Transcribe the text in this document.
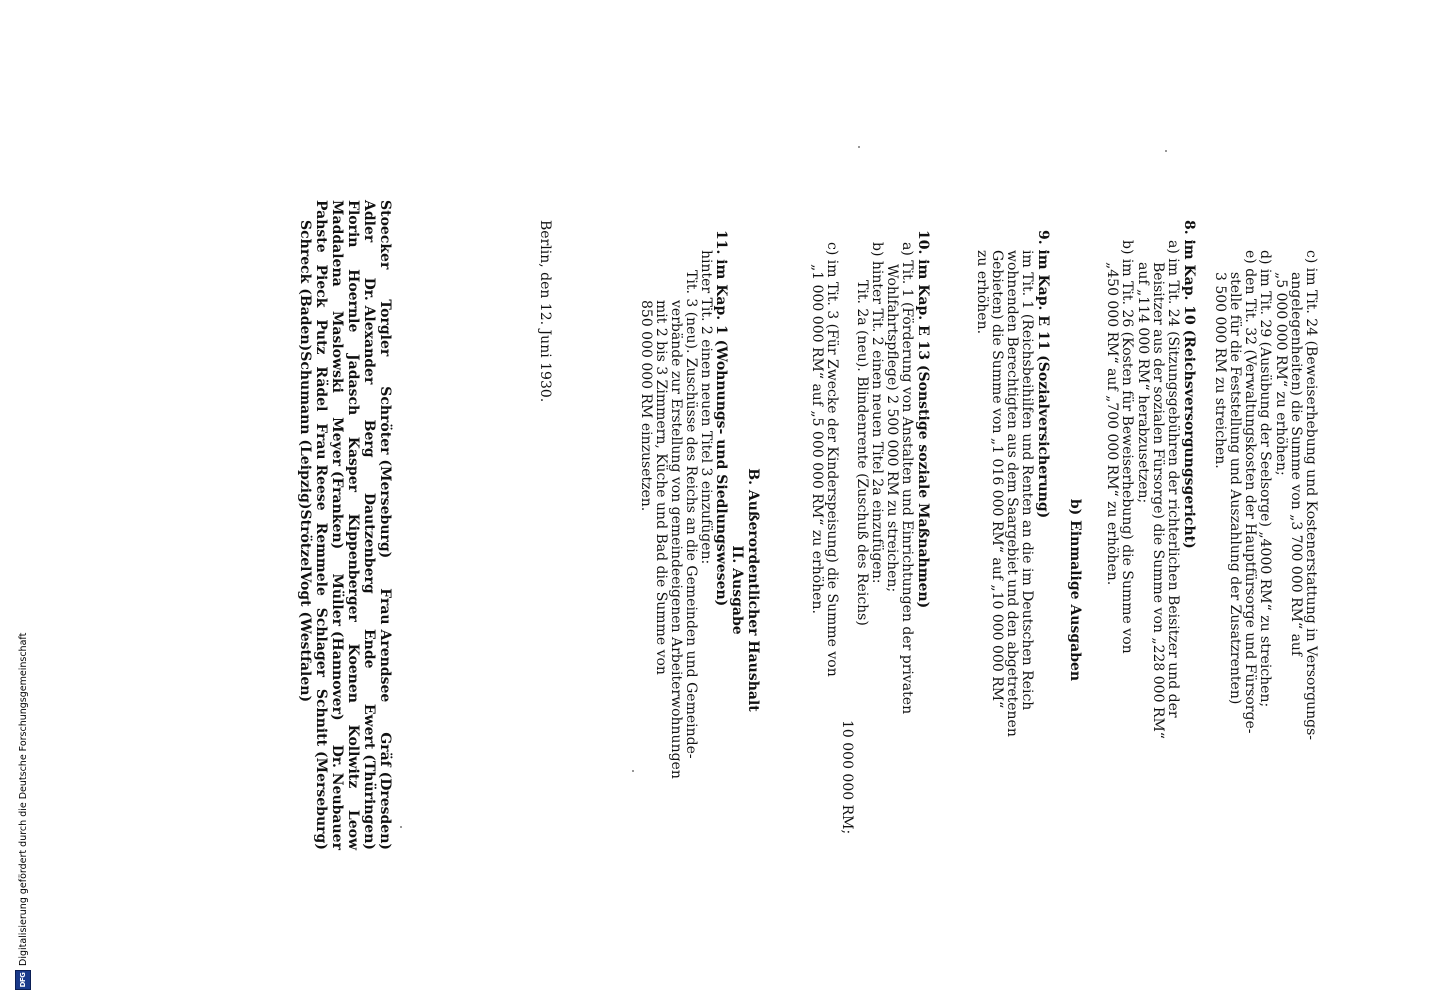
c) im Tit. 24 (Beweiserhebung und Kostenerstattung in Versorgungs-
angelegenheiten) die Summe von „3 700 000 RM“ auf
„5 000 000 RM“ zu erhöhen;
d) im Tit. 29 (Ausübung der Seelsorge) „4000 RM“ zu streichen;
e) den Tit. 32 (Verwaltungskosten der Hauptfürsorge und Fürsorge-
stelle für die Feststellung und Auszahlung der Zusatzrenten)
3 500 000 RM zu streichen.
8. im Kap. 10 (Reichsversorgungsgericht)
a) im Tit. 24 (Sitzungsgebühren der richterlichen Beisitzer und der
Beisitzer aus der sozialen Fürsorge) die Summe von „228 000 RM“
auf „114 000 RM“ herabzusetzen;
b) im Tit. 26 (Kosten für Beweiserhebung) die Summe von
„450 000 RM“ auf „700 000 RM“ zu erhöhen.
b) Einmalige Ausgaben
9. im Kap. E 11 (Sozialversicherung)
im Tit. 1 (Reichsbeihilfen und Renten an die im Deutschen Reich
wohnenden Berechtigten aus dem Saargebiet und den abgetretenen
Gebieten) die Summe von „1 016 000 RM“ auf „10 000 000 RM“
zu erhöhen.
10. im Kap. E 13 (Sonstige soziale Maßnahmen)
a) Tit. 1 (Förderung von Anstalten und Einrichtungen der privaten
Wohlfahrtspflege) 2 500 000 RM zu streichen;
b) hinter Tit. 2 einen neuen Titel 2a einzufügen:
Tit. 2a (neu). Blindenrente (Zuschuß des Reichs)
10 000 000 RM;
c) im Tit. 3 (Für Zwecke der Kinderspeisung) die Summe von
„1 000 000 RM“ auf „5 000 000 RM“ zu erhöhen.
B. Außerordentlicher Haushalt
II. Ausgabe
11. im Kap. 1 (Wohnungs- und Siedlungswesen)
hinter Tit. 2 einen neuen Titel 3 einzufügen:
Tit. 3 (neu). Zuschüsse des Reichs an die Gemeinden und Gemeinde-
verbände zur Erstellung von gemeindeeigenen Arbeiterwohnungen
mit 2 bis 3 Zimmern, Küche und Bad die Summe von
850 000 000 RM einzusetzen.
Berlin, den 12. Juni 1930.
Stoecker
Torgler
Schröter (Merseburg)
Frau Arendsee
Gräf (Dresden)
Adler
Dr. Alexander
Berg
Dautzenberg
Ende
Ewert (Thüringen)
Florin
Hoernle
Jadasch
Kasper
Kippenberger
Koenen
Kollwitz
Leow
Maddalena
Maslowski
Meyer (Franken)
Müller (Hannover)
Dr. Neubauer
Pahste
Pieck
Putz
Rädel
Frau Reese
Remmele
Schlager
Schnitt (Merseburg)
Schreck (Baden)
Schumann (Leipzig)
Strötzel
Vogt (Westfalen)
DFG
Digitalisierung gefördert durch die Deutsche Forschungsgemeinschaft
